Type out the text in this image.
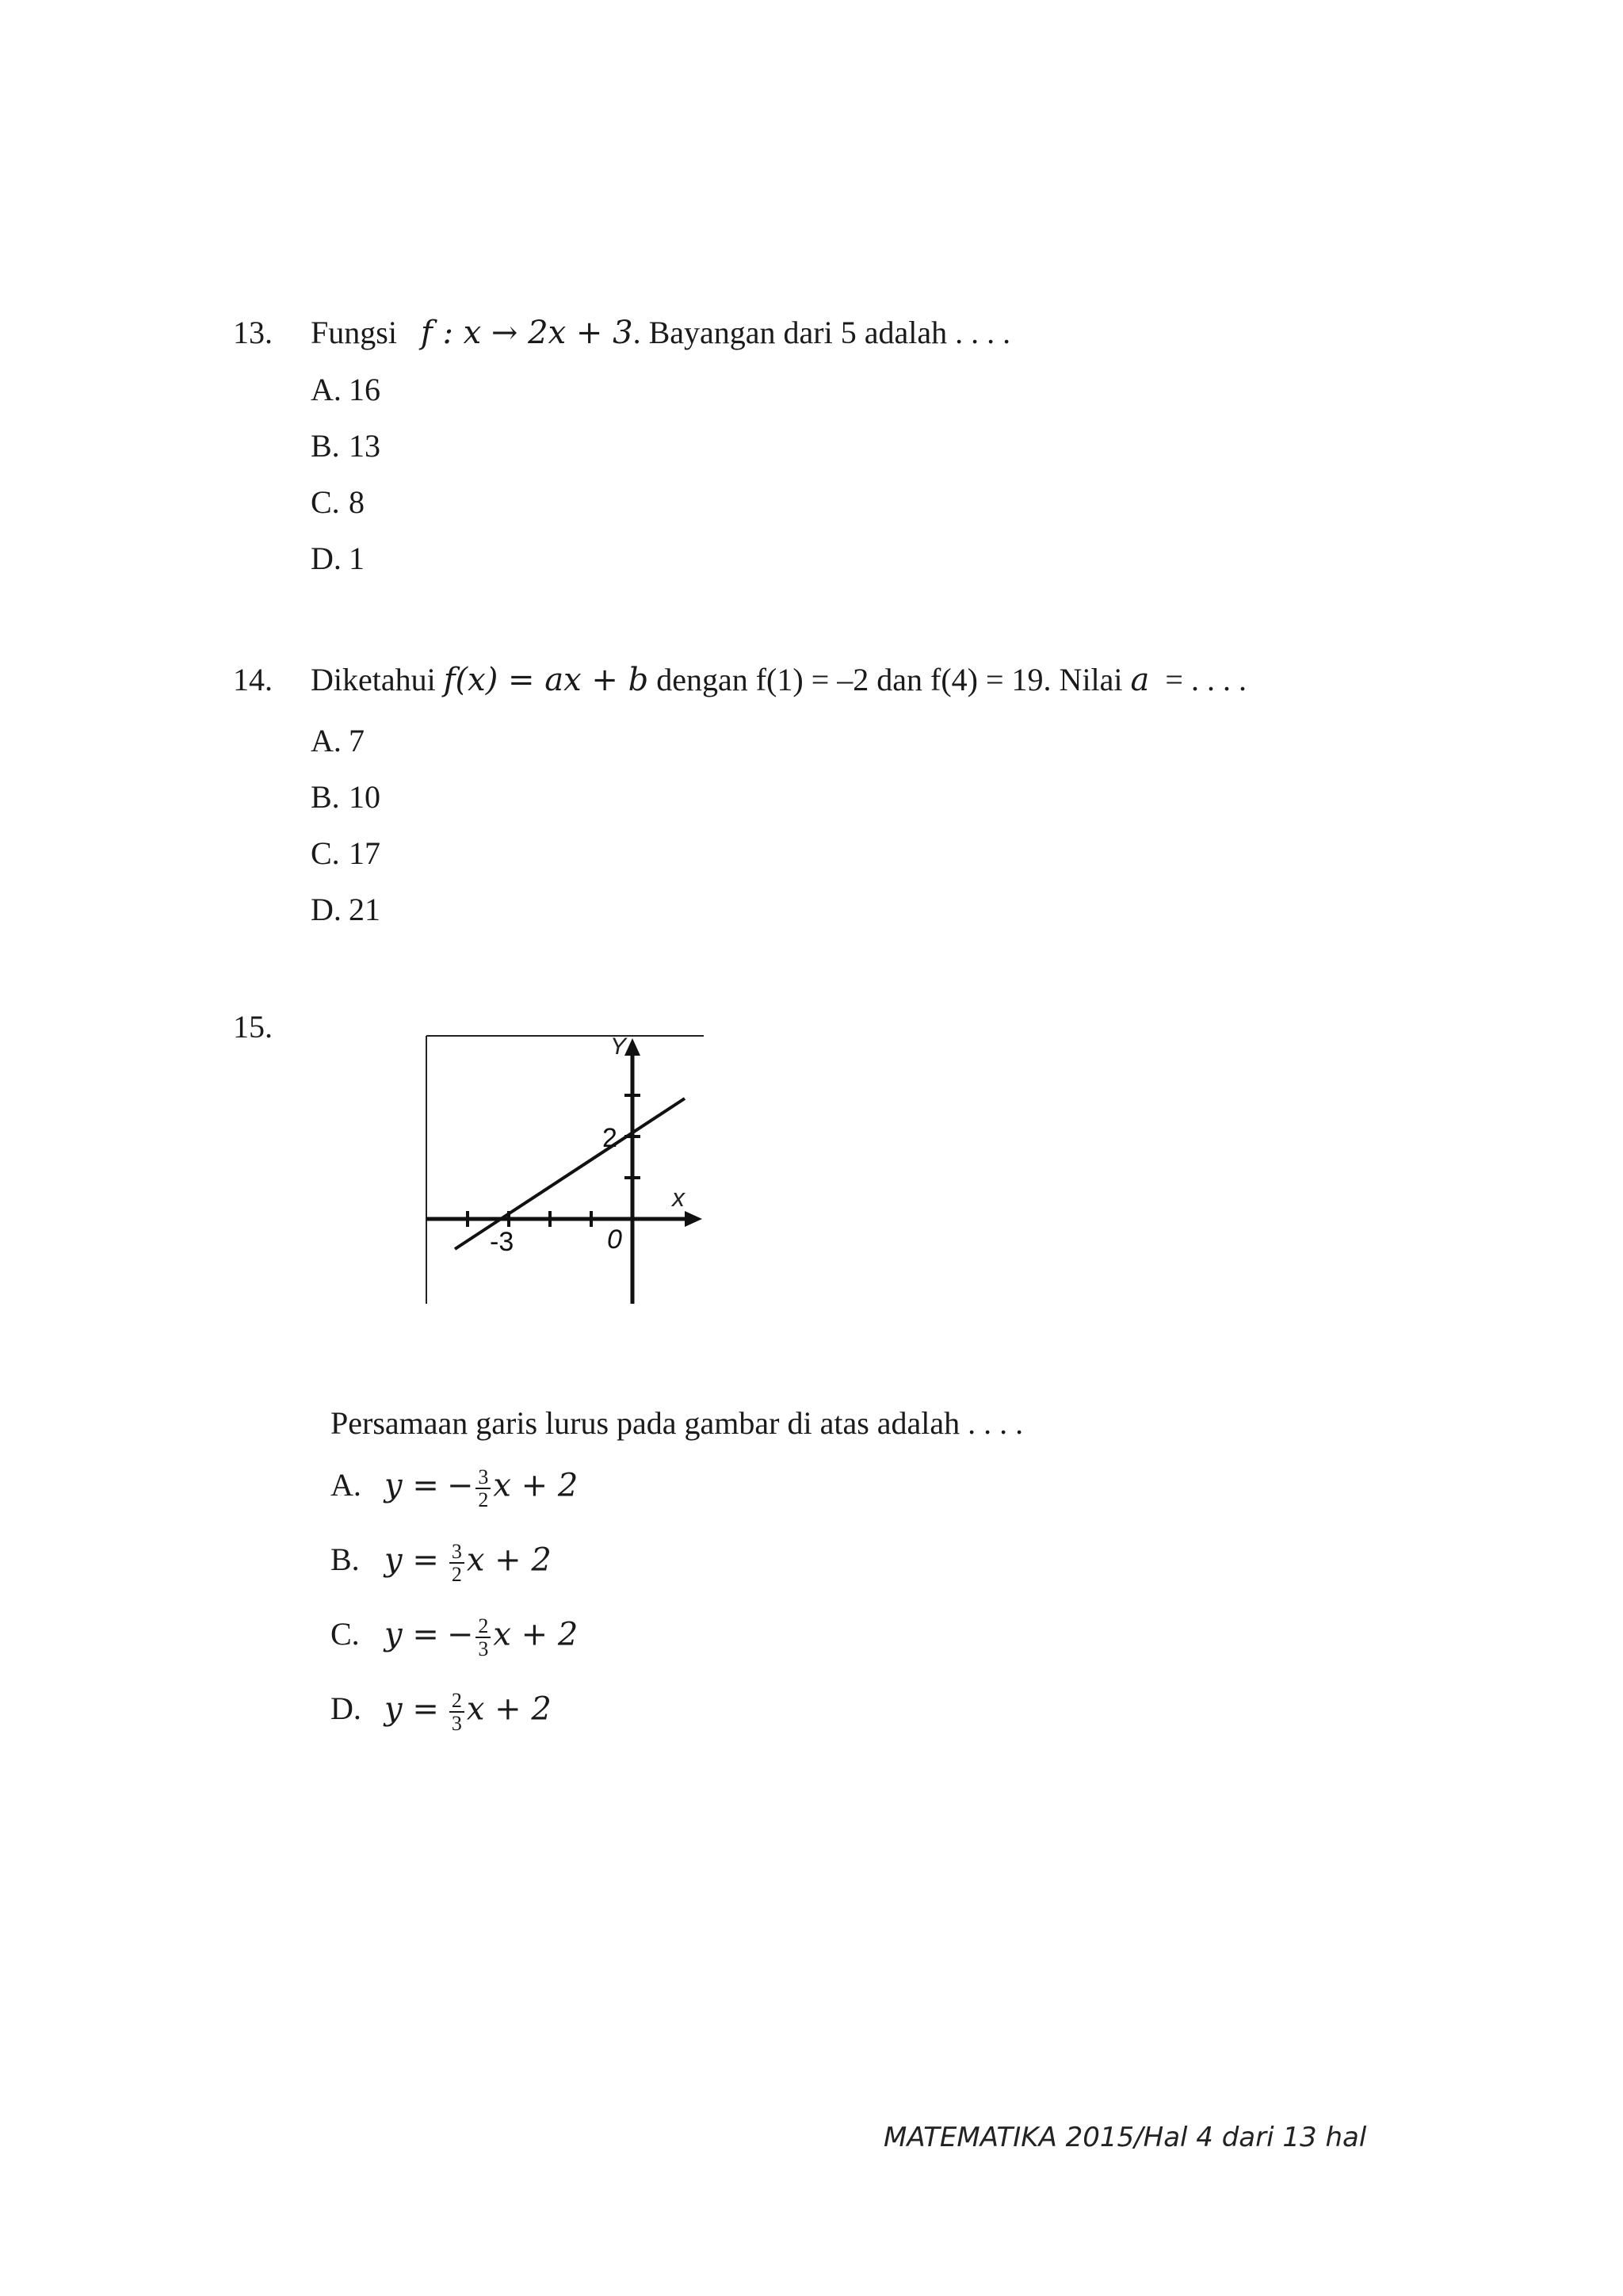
13. Fungsi f : x → 2x + 3. Bayangan dari 5 adalah . . . .
A. 16
B. 13
C. 8
D. 1
14. Diketahui f(x) = ax + b dengan f(1) = –2 dan f(4) = 19. Nilai a = . . . .
A. 7
B. 10
C. 17
D. 21
15.
Y
x
2
-3	0
Persamaan garis lurus pada gambar di atas adalah . . . .
A. y = − $\frac{3}{2}$ x + 2
B. $y = \frac{3}{2}$ x + 2
C. y = − $\frac{2}{3}$ x + 2
D. $y = \frac{2}{3}$ x + 2
MATEMATIKA 2015/Hal 4 dari 13 hal
